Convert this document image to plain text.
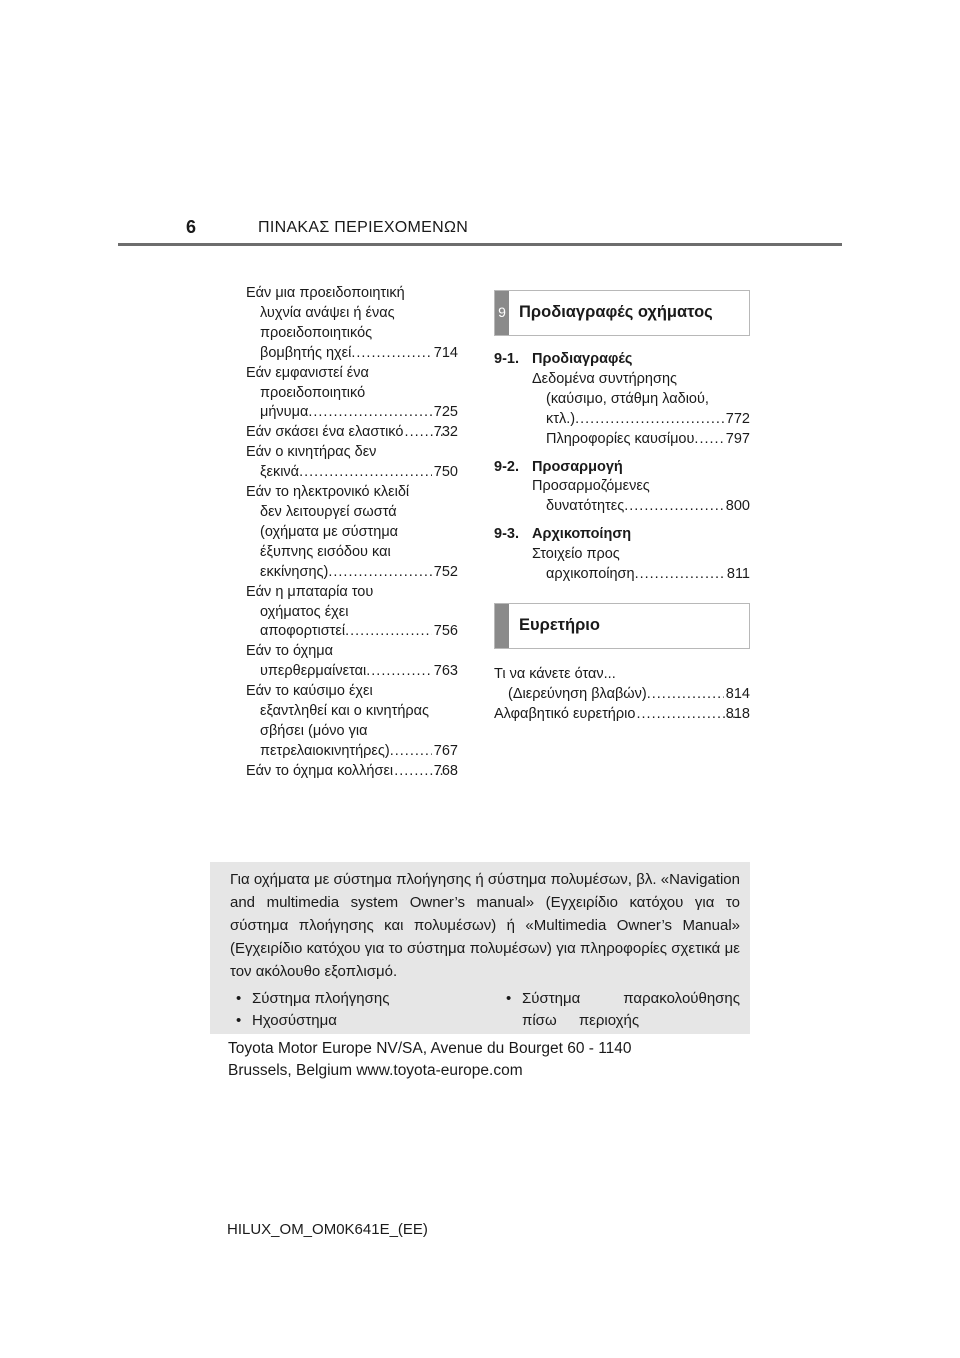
6	ΠΙΝΑΚΑΣ ΠΕΡΙΕΧΟΜΕΝΩΝ
Εάν μια προειδοποιητική
λυχνία ανάψει ή ένας
προειδοποιητικός
βομβητής ηχεί .....	714
Εάν εμφανιστεί ένα
προειδοποιητικό
μήνυμα .....	725
Εάν σκάσει ένα ελαστικό ..... 732
Εάν ο κινητήρας δεν
ξεκινά .....	750
Εάν το ηλεκτρονικό κλειδί
δεν λειτουργεί σωστά
(οχήματα με σύστημα
έξυπνης εισόδου και
εκκίνησης) .....	752
Εάν η μπαταρία του
οχήματος έχει
αποφορτιστεί .....	756
Εάν το όχημα
υπερθερμαίνεται .....	763
Εάν το καύσιμο έχει
εξαντληθεί και ο κινητήρας
σβήσει (μόνο για
πετρελαιοκινητήρες) .....	767
Εάν το όχημα κολλήσει .....	768
9 Προδιαγραφές οχήματος
9-1. Προδιαγραφές
Δεδομένα συντήρησης
(καύσιμο, στάθμη λαδιού,
κτλ.) .....	772
Πληροφορίες καυσίμου ..... 797
9-2. Προσαρμογή
Προσαρμοζόμενες
δυνατότητες .....	800
9-3. Αρχικοποίηση
Στοιχείο προς
αρχικοποίηση .....	811
Ευρετήριο
Τι να κάνετε όταν...
(Διερεύνηση βλαβών) .....	814
Αλφαβητικό ευρετήριο .....	818
Για οχήματα με σύστημα πλοήγησης ή σύστημα πολυμέσων, βλ. «Navigation and multimedia system Owner’s manual» (Εγχειρίδιο κατόχου για το σύστημα πλοήγησης και πολυμέσων) ή «Multimedia Owner’s Manual» (Εγχειρίδιο κατόχου για το σύστημα πολυμέσων) για πληροφορίες σχετικά με τον ακόλουθο εξοπλισμό.
• Σύστημα πλοήγησης
• Ηχοσύστημα
• Σύστημα παρακολούθησης πίσω περιοχής
Toyota Motor Europe NV/SA, Avenue du Bourget 60 - 1140
Brussels, Belgium www.toyota-europe.com
HILUX_OM_OM0K641E_(EE)
